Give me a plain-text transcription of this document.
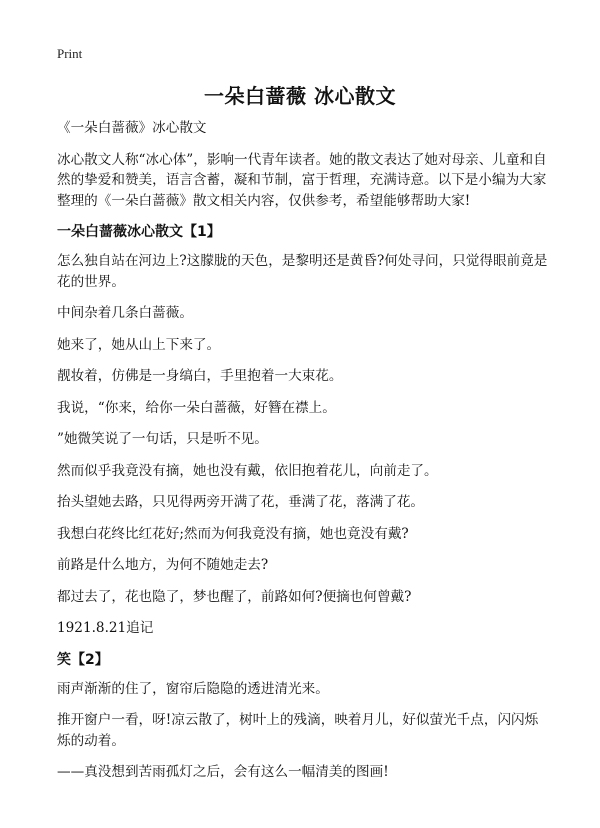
Print
一朵白蔷薇 冰心散文

《一朵白蔷薇》冰心散文

冰心散文人称“冰心体”，影响一代青年读者。她的散文表达了她对母亲、儿童和自然的挚爱和赞美，语言含蓄，凝和节制，富于哲理，充满诗意。以下是小编为大家整理的《一朵白蔷薇》散文相关内容，仅供参考，希望能够帮助大家!

一朵白蔷薇冰心散文【1】

怎么独自站在河边上?这朦胧的天色，是黎明还是黄昏?何处寻问，只觉得眼前竟是花的世界。

中间杂着几条白蔷薇。

她来了，她从山上下来了。

靓妆着，仿佛是一身缟白，手里抱着一大束花。

我说，“你来，给你一朵白蔷薇，好簪在襟上。

”她微笑说了一句话，只是听不见。

然而似乎我竟没有摘，她也没有戴，依旧抱着花儿，向前走了。

抬头望她去路，只见得两旁开满了花，垂满了花，落满了花。

我想白花终比红花好;然而为何我竟没有摘，她也竟没有戴?

前路是什么地方，为何不随她走去?

都过去了，花也隐了，梦也醒了，前路如何?便摘也何曾戴?

1921.8.21追记

笑【2】

雨声渐渐的住了，窗帘后隐隐的透进清光来。

推开窗户一看，呀!凉云散了，树叶上的残滴，映着月儿，好似萤光千点，闪闪烁烁的动着。

——真没想到苦雨孤灯之后，会有这么一幅清美的图画!
